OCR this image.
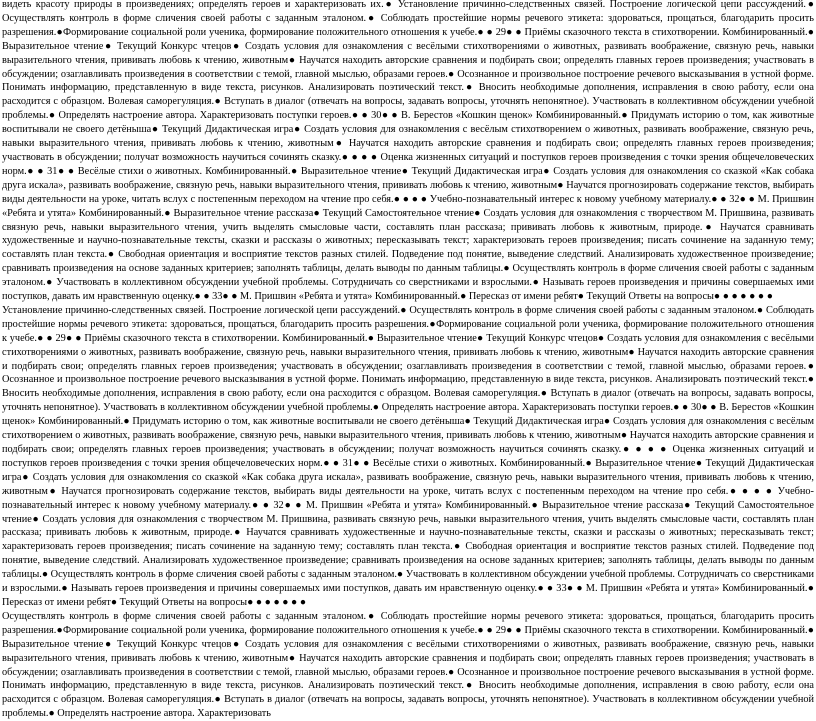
видеть красоту природы в произведениях; определять героев и характеризовать их.● Установление причинно-следственных связей. Построение логической цепи рассуждений.● Осуществлять контроль в форме сличения своей работы с заданным эталоном.● Соблюдать простейшие нормы речевого этикета: здороваться, прощаться, благодарить просить разрешения.●Формирование социальной роли ученика, формирование положительного отношения к учебе.● ● 29● ● Приёмы сказочного текста в стихотворении. Комбинированный.● Выразительное чтение● Текущий Конкурс чтецов● Создать условия для ознакомления с весёлыми стихотворениями о животных, развивать воображение, связную речь, навыки выразительного чтения, прививать любовь к чтению, животным● Научатся находить авторские сравнения и подбирать свои; определять главных героев произведения; участвовать в обсуждении; озаглавливать произведения в соответствии с темой, главной мыслью, образами героев.● Осознанное и произвольное построение речевого высказывания в устной форме. Понимать информацию, представленную в виде текста, рисунков. Анализировать поэтический текст.● Вносить необходимые дополнения, исправления в свою работу, если она расходится с образцом. Волевая саморегуляция.● Вступать в диалог (отвечать на вопросы, задавать вопросы, уточнять непонятное). Участвовать в коллективном обсуждении учебной проблемы.● Определять настроение автора. Характеризовать поступки героев.● ● 30● ● В. Берестов «Кошкин щенок» Комбинированный.● Придумать историю о том, как животные воспитывали не своего детёныша● Текущий Дидактическая игра● Создать условия для ознакомления с весёлым стихотворением о животных, развивать воображение, связную речь, навыки выразительного чтения, прививать любовь к чтению, животным● Научатся находить авторские сравнения и подбирать свои; определять главных героев произведения; участвовать в обсуждении; получат возможность научиться сочинять сказку.● ● ● ● Оценка жизненных ситуаций и поступков героев произведения с точки зрения общечеловеческих норм.● ● 31● ● Весёлые стихи о животных. Комбинированный.● Выразительное чтение● Текущий Дидактическая игра● Создать условия для ознакомления со сказкой «Как собака друга искала», развивать воображение, связную речь, навыки выразительного чтения, прививать любовь к чтению, животным● Научатся прогнозировать содержание текстов, выбирать виды деятельности на уроке, читать вслух с постепенным переходом на чтение про себя.● ● ● ● Учебно-познавательный интерес к новому учебному материалу.● ● 32● ● М. Пришвин «Ребята и утята» Комбинированный.● Выразительное чтение рассказа● Текущий Самостоятельное чтение● Создать условия для ознакомления с творчеством М. Пришвина, развивать связную речь, навыки выразительного чтения, учить выделять смысловые части, составлять план рассказа; прививать любовь к животным, природе.● Научатся сравнивать художественные и научно-познавательные тексты, сказки и рассказы о животных; пересказывать текст; характеризовать героев произведения; писать сочинение на заданную тему; составлять план текста.● Свободная ориентация и восприятие текстов разных стилей. Подведение под понятие, выведение следствий. Анализировать художественное произведение; сравнивать произведения на основе заданных критериев; заполнять таблицы, делать выводы по данным таблицы.● Осуществлять контроль в форме сличения своей работы с заданным эталоном.● Участвовать в коллективном обсуждении учебной проблемы. Сотрудничать со сверстниками и взрослыми.● Называть героев произведения и причины совершаемых ими поступков, давать им нравственную оценку.● ● 33● ● М. Пришвин «Ребята и утята» Комбинированный.● Пересказ от имени ребят● Текущий Ответы на вопросы● ● ● ● ● ● ●

Установление причинно-следственных связей. Построение логической цепи рассуждений.● Осуществлять контроль в форме сличения своей работы с заданным эталоном.● Соблюдать простейшие нормы речевого этикета: здороваться, прощаться, благодарить просить разрешения.●Формирование социальной роли ученика, формирование положительного отношения к учебе.● ● 29● ● Приёмы сказочного текста в стихотворении. Комбинированный.● Выразительное чтение● Текущий Конкурс чтецов● Создать условия для ознакомления с весёлыми стихотворениями о животных, развивать воображение, связную речь, навыки выразительного чтения, прививать любовь к чтению, животным● Научатся находить авторские сравнения и подбирать свои; определять главных героев произведения; участвовать в обсуждении; озаглавливать произведения в соответствии с темой, главной мыслью, образами героев.● Осознанное и произвольное построение речевого высказывания в устной форме. Понимать информацию, представленную в виде текста, рисунков. Анализировать поэтический текст.● Вносить необходимые дополнения, исправления в свою работу, если она расходится с образцом. Волевая саморегуляция.● Вступать в диалог (отвечать на вопросы, задавать вопросы, уточнять непонятное). Участвовать в коллективном обсуждении учебной проблемы.● Определять настроение автора. Характеризовать поступки героев.● ● 30● ● В. Берестов «Кошкин щенок» Комбинированный.● Придумать историю о том, как животные воспитывали не своего детёныша● Текущий Дидактическая игра● Создать условия для ознакомления с весёлым стихотворением о животных, развивать воображение, связную речь, навыки выразительного чтения, прививать любовь к чтению, животным● Научатся находить авторские сравнения и подбирать свои; определять главных героев произведения; участвовать в обсуждении; получат возможность научиться сочинять сказку.● ● ● ● Оценка жизненных ситуаций и поступков героев произведения с точки зрения общечеловеческих норм.● ● 31● ● Весёлые стихи о животных. Комбинированный.● Выразительное чтение● Текущий Дидактическая игра● Создать условия для ознакомления со сказкой «Как собака друга искала», развивать воображение, связную речь, навыки выразительного чтения, прививать любовь к чтению, животным● Научатся прогнозировать содержание текстов, выбирать виды деятельности на уроке, читать вслух с постепенным переходом на чтение про себя.● ● ● ● Учебно-познавательный интерес к новому учебному материалу.● ● 32● ● М. Пришвин «Ребята и утята» Комбинированный.● Выразительное чтение рассказа● Текущий Самостоятельное чтение● Создать условия для ознакомления с творчеством М. Пришвина, развивать связную речь, навыки выразительного чтения, учить выделять смысловые части, составлять план рассказа; прививать любовь к животным, природе.● Научатся сравнивать художественные и научно-познавательные тексты, сказки и рассказы о животных; пересказывать текст; характеризовать героев произведения; писать сочинение на заданную тему; составлять план текста.● Свободная ориентация и восприятие текстов разных стилей. Подведение под понятие, выведение следствий. Анализировать художественное произведение; сравнивать произведения на основе заданных критериев; заполнять таблицы, делать выводы по данным таблицы.● Осуществлять контроль в форме сличения своей работы с заданным эталоном.● Участвовать в коллективном обсуждении учебной проблемы. Сотрудничать со сверстниками и взрослыми.● Называть героев произведения и причины совершаемых ими поступков, давать им нравственную оценку.● ● 33● ● М. Пришвин «Ребята и утята» Комбинированный.● Пересказ от имени ребят● Текущий Ответы на вопросы● ● ● ● ● ● ●

Осуществлять контроль в форме сличения своей работы с заданным эталоном.● Соблюдать простейшие нормы речевого этикета: здороваться, прощаться, благодарить просить разрешения.●Формирование социальной роли ученика, формирование положительного отношения к учебе.● ● 29● ● Приёмы сказочного текста в стихотворении. Комбинированный.● Выразительное чтение● Текущий Конкурс чтецов● Создать условия для ознакомления с весёлыми стихотворениями о животных, развивать воображение, связную речь, навыки выразительного чтения, прививать любовь к чтению, животным● Научатся находить авторские сравнения и подбирать свои; определять главных героев произведения; участвовать в обсуждении; озаглавливать произведения в соответствии с темой, главной мыслью, образами героев.● Осознанное и произвольное построение речевого высказывания в устной форме. Понимать информацию, представленную в виде текста, рисунков. Анализировать поэтический текст.● Вносить необходимые дополнения, исправления в свою работу, если она расходится с образцом. Волевая саморегуляция.● Вступать в диалог (отвечать на вопросы, задавать вопросы, уточнять непонятное). Участвовать в коллективном обсуждении учебной проблемы.● Определять настроение автора. Характеризовать
